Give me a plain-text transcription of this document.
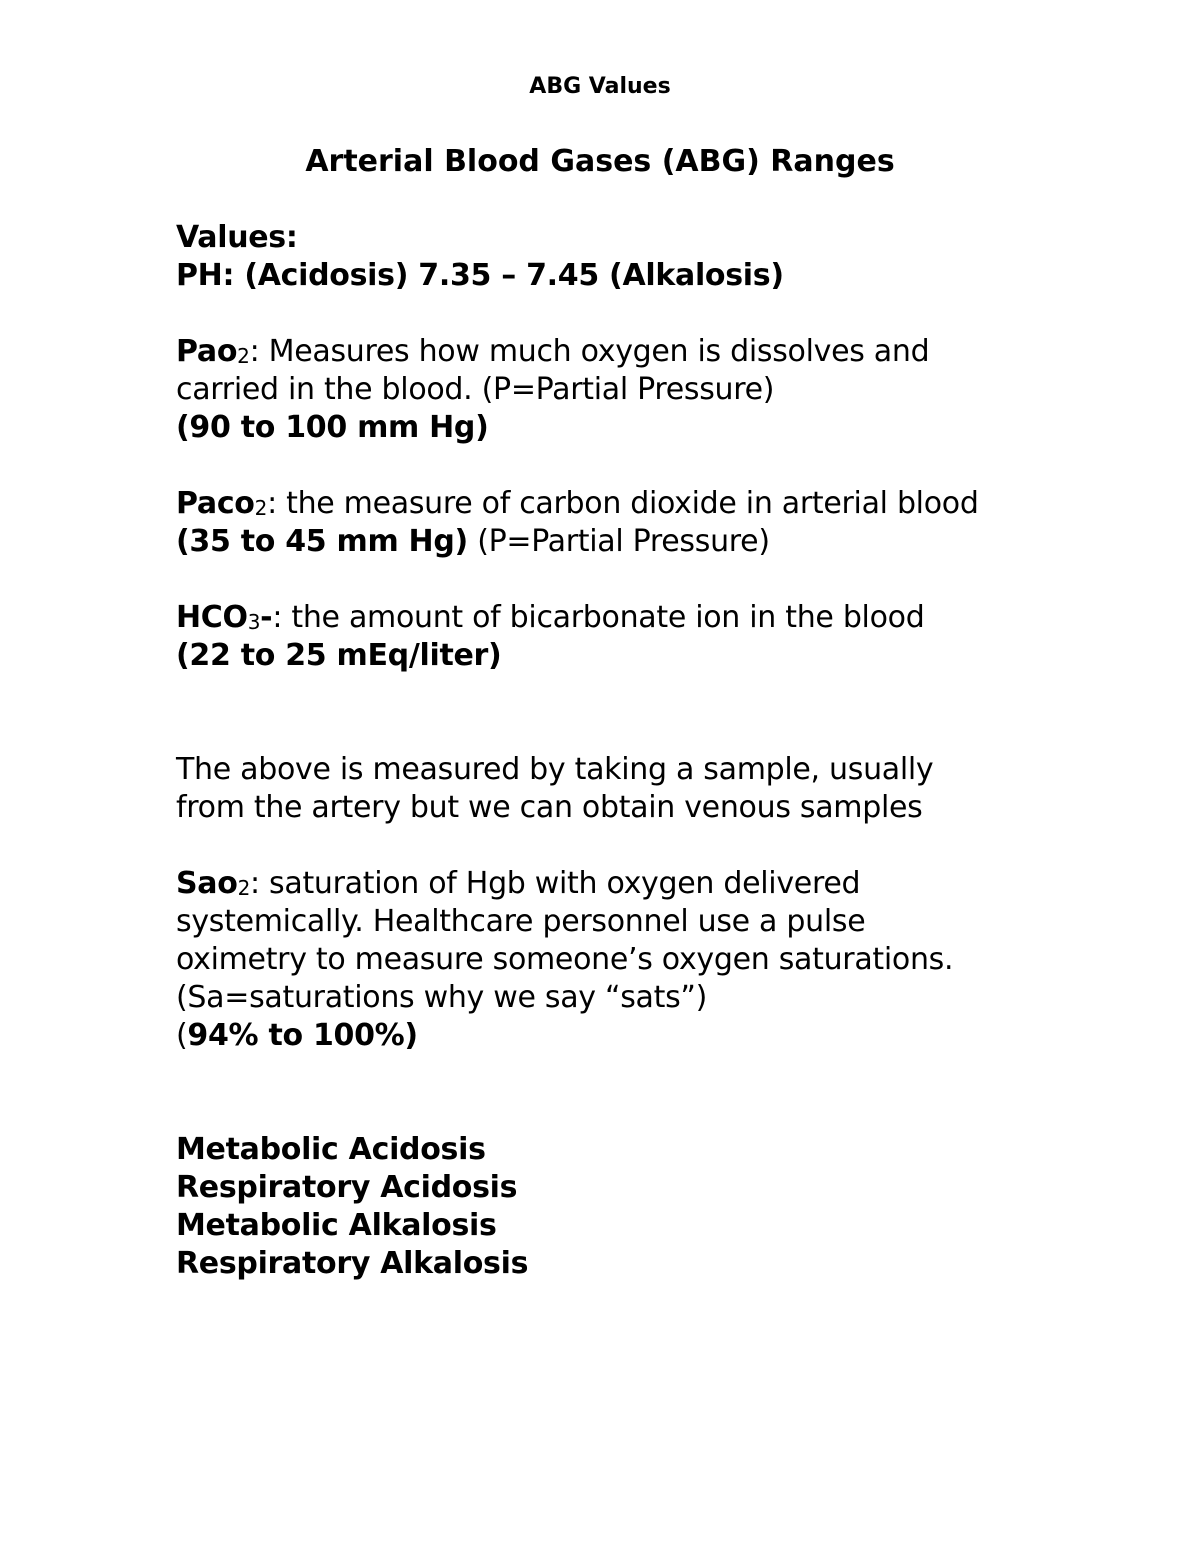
ABG Values
Arterial Blood Gases (ABG) Ranges
Values:
PH: (Acidosis) 7.35 – 7.45 (Alkalosis)
Pao2: Measures how much oxygen is dissolves and
carried in the blood. (P=Partial Pressure)
(90 to 100 mm Hg)
Paco2: the measure of carbon dioxide in arterial blood
(35 to 45 mm Hg) (P=Partial Pressure)
HCO3-: the amount of bicarbonate ion in the blood
(22 to 25 mEq/liter)
The above is measured by taking a sample, usually
from the artery but we can obtain venous samples
Sao2: saturation of Hgb with oxygen delivered
systemically. Healthcare personnel use a pulse
oximetry to measure someone’s oxygen saturations.
(Sa=saturations why we say “sats”)
(94% to 100%)
Metabolic Acidosis
Respiratory Acidosis
Metabolic Alkalosis
Respiratory Alkalosis
